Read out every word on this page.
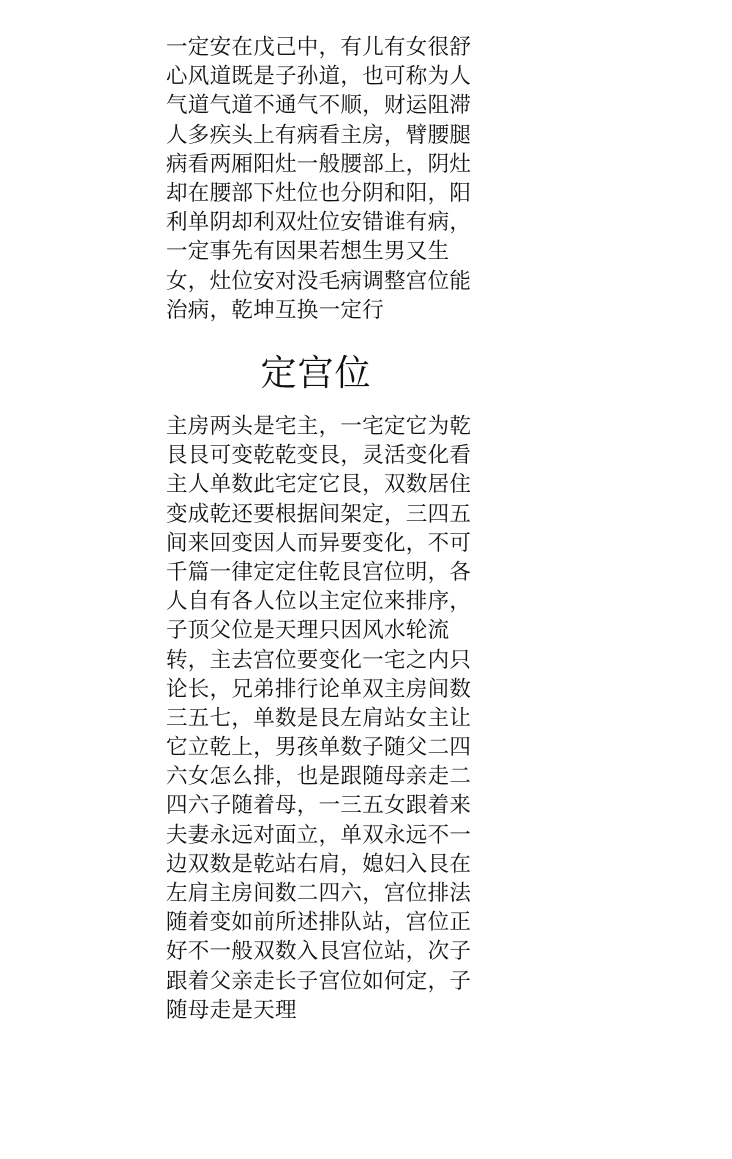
一定安在戊己中，有儿有女很舒
心风道既是子孙道，也可称为人
气道气道不通气不顺，财运阻滞
人多疾头上有病看主房，臂腰腿
病看两厢阳灶一般腰部上，阴灶
却在腰部下灶位也分阴和阳，阳
利单阴却利双灶位安错谁有病，
一定事先有因果若想生男又生
女，灶位安对没毛病调整宫位能
治病，乾坤互换一定行
定宫位
主房两头是宅主，一宅定它为乾
艮艮可变乾乾变艮，灵活变化看
主人单数此宅定它艮，双数居住
变成乾还要根据间架定，三四五
间来回变因人而异要变化，不可
千篇一律定定住乾艮宫位明，各
人自有各人位以主定位来排序，
子顶父位是天理只因风水轮流
转，主去宫位要变化一宅之内只
论长，兄弟排行论单双主房间数
三五七，单数是艮左肩站女主让
它立乾上，男孩单数子随父二四
六女怎么排，也是跟随母亲走二
四六子随着母，一三五女跟着来
夫妻永远对面立，单双永远不一
边双数是乾站右肩，媳妇入艮在
左肩主房间数二四六，宫位排法
随着变如前所述排队站，宫位正
好不一般双数入艮宫位站，次子
跟着父亲走长子宫位如何定，子
随母走是天理
